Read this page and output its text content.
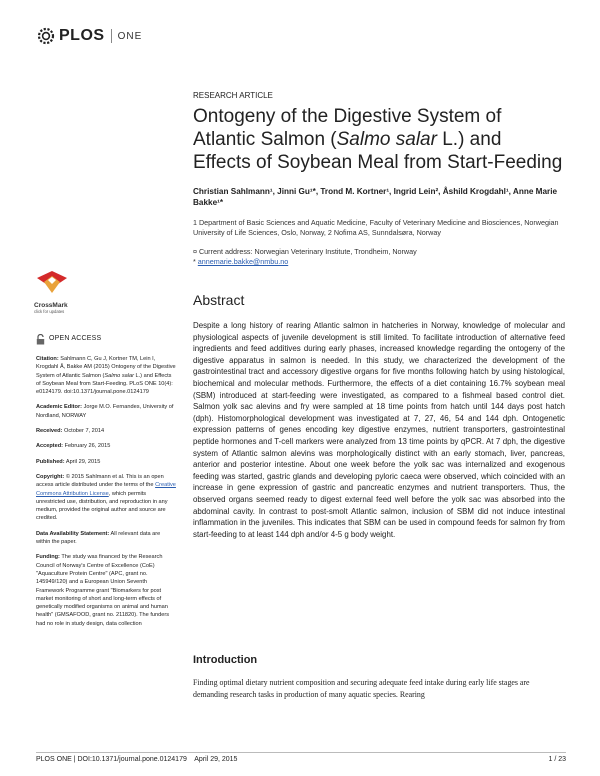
PLOS ONE
RESEARCH ARTICLE
Ontogeny of the Digestive System of Atlantic Salmon (Salmo salar L.) and Effects of Soybean Meal from Start-Feeding
Christian Sahlmann¹, Jinni Gu¹*, Trond M. Kortner¹, Ingrid Lein², Åshild Krogdahl¹, Anne Marie Bakke¹*
1 Department of Basic Sciences and Aquatic Medicine, Faculty of Veterinary Medicine and Biosciences, Norwegian University of Life Sciences, Oslo, Norway, 2 Nofima AS, Sunndalsøra, Norway
¤ Current address: Norwegian Veterinary Institute, Trondheim, Norway
* annemarie.bakke@nmbu.no
CrossMark
click for updates
Abstract
Despite a long history of rearing Atlantic salmon in hatcheries in Norway, knowledge of molecular and physiological aspects of juvenile development is still limited. To facilitate introduction of alternative feed ingredients and feed additives during early phases, increased knowledge regarding the ontogeny of the digestive apparatus in salmon is needed. In this study, we characterized the development of the gastrointestinal tract and accessory digestive organs for five months following hatch by using histological, biochemical and molecular methods. Furthermore, the effects of a diet containing 16.7% soybean meal (SBM) introduced at start-feeding were investigated, as compared to a fishmeal based control diet. Salmon yolk sac alevins and fry were sampled at 18 time points from hatch until 144 days post hatch (dph). Histomorphological development was investigated at 7, 27, 46, 54 and 144 dph. Ontogenetic expression patterns of genes encoding key digestive enzymes, nutrient transporters, gastrointestinal peptide hormones and T-cell markers were analyzed from 13 time points by qPCR. At 7 dph, the digestive system of Atlantic salmon alevins was morphologically distinct with an early stomach, liver, pancreas, anterior and posterior intestine. About one week before the yolk sac was internalized and exogenous feeding was started, gastric glands and developing pyloric caeca were observed, which coincided with an increase in gene expression of gastric and pancreatic enzymes and nutrient transporters. Thus, the observed organs seemed ready to digest external feed well before the yolk sac was absorbed into the abdominal cavity. In contrast to post-smolt Atlantic salmon, inclusion of SBM did not induce intestinal inflammation in the juveniles. This indicates that SBM can be used in compound feeds for salmon fry from start-feeding to at least 144 dph and/or 4-5 g body weight.
OPEN ACCESS

Citation: Sahlmann C, Gu J, Kortner TM, Lein I, Krogdahl Å, Bakke AM (2015) Ontogeny of the Digestive System of Atlantic Salmon (Salmo salar L.) and Effects of Soybean Meal from Start-Feeding. PLoS ONE 10(4): e0124179. doi:10.1371/journal.pone.0124179

Academic Editor: Jorge M.O. Fernandes, University of Nordland, NORWAY

Received: October 7, 2014

Accepted: February 26, 2015

Published: April 29, 2015

Copyright: © 2015 Sahlmann et al. This is an open access article distributed under the terms of the Creative Commons Attribution License, which permits unrestricted use, distribution, and reproduction in any medium, provided the original author and source are credited.

Data Availability Statement: All relevant data are within the paper.

Funding: The study was financed by the Research Council of Norway's Centre of Excellence (CoE) "Aquaculture Protein Centre" (APC, grant no. 145949/120) and a European Union Seventh Framework Programme grant "Biomarkers for post market monitoring of short and long-term effects of genetically modified organisms on animal and human health" (GMSAFOOD, grant no. 211820). The funders had no role in study design, data collection

Introduction
Finding optimal dietary nutrient composition and securing adequate feed intake during early life stages are demanding research tasks in production of many aquatic species. Rearing
PLOS ONE | DOI:10.1371/journal.pone.0124179    April 29, 2015	1 / 23
